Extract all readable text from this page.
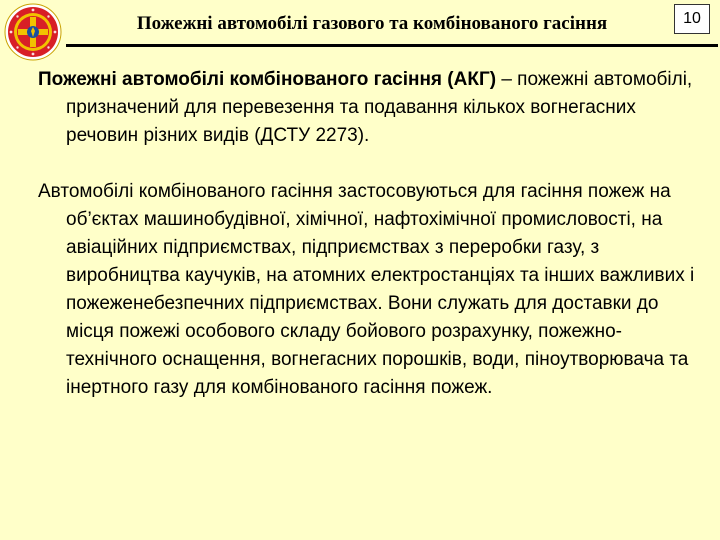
Пожежні автомобілі газового та комбінованого гасіння	10

Пожежні автомобілі комбінованого гасіння (АКГ) – пожежні автомобілі, призначений для перевезення та подавання кількох вогнегасних речовин різних видів (ДСТУ 2273).

Автомобілі комбінованого гасіння застосовуються для гасіння пожеж на об’єктах машинобудівної, хімічної, нафтохімічної промисловості, на авіаційних підприємствах, підприємствах з переробки газу, з виробництва каучуків, на атомних електростанціях та інших важливих і пожеженебезпечних підприємствах. Вони служать для доставки до місця пожежі особового складу бойового розрахунку, пожежно-технічного оснащення, вогнегасних порошків, води, піноутворювача та інертного газу для комбінованого гасіння пожеж.
